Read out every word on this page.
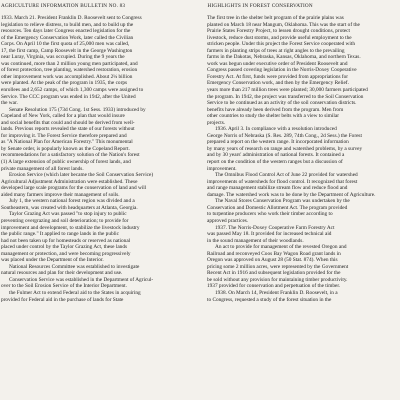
AGRICULTURE INFORMATION BULLETIN NO. 83	HIGHLIGHTS IN FOREST CONSERVATION

1933. March 21. President Franklin D. Roosevelt sent to Congress

legislation to relieve distress, to build men, and to build up the

resources. Ten days later Congress enacted legislation for the

of the Emergency Conservation Work, later called the Civilian

Corps. On April 10 the first quota of 25,000 men was called,

17, the first camp, Camp Roosevelt in the George Washington

near Luray, Virginia, was occupied. During the 9 years the

was continued, more than 2 million young men participated, and

of forest protection, tree planting, watershed restoration, erosion

other improvement work was accomplished. About 2¼ billion

were planted. At the peak of the program in 1935, the corps

enrollees and 2,652 camps, of which 1,300 camps were assigned to

Service. The CCC program was ended in 1942, after the United

the war.

Senate Resolution 175 (73d Cong. 1st Sess. 1933) introduced by

Copeland of New York, called for a plan that would insure

and social benefits that could and should be derived from well-

lands. Previous reports revealed the state of our forests without

for improving it. The Forest Service therefore prepared and

as "A National Plan for American Forestry." This monumental

by Senate order, is popularly known as the Copeland Report.

recommendations for a satisfactory solution of the Nation's forest

(1) A large extension of public ownership of forest lands, and

private management of all forest lands.

Erosion Service (which later became the Soil Conservation Service)

Agricultural Adjustment Administration were established. These

developed large scale programs for the conservation of land and will

aided many farmers improve their management of soils.

July 1, the western national forest region was divided and a

Southeastern, was created with headquarters at Atlanta, Georgia.

Taylor Grazing Act was passed "to stop injury to public

preventing overgrazing and soil deterioration; to provide for

improvement and development, to stabilize the livestock industry

the public range." It applied to range lands in the public

had not been taken up for homesteads or reserved as national

placed under control by the Taylor Grazing Act, these lands

management or protection, and were becoming progressively

was placed under the Department of the Interior.

National Resources Committee was established to investigate

natural resources and plan for their development and use.

Conservation Service was established in the Department of Agricul-

over to the Soil Erosion Service of the Interior Department.

the Fulmer Act to extend Federal aid to the States in acquiring

provided for Federal aid in the purchase of lands for State

The first tree in the shelter belt program of the prairie plains was

planted on March 18 near Mangum, Oklahoma. This was the start of the

Prairie States Forestry Project, to lessen drought conditions, protect

livestock, reduce dust storms, and provide useful employment to the

stricken people. Under this project the Forest Service cooperated with

farmers in planting strips of trees at right angles to the prevailing

farms in the Dakotas, Nebraska, Kansas, Oklahoma, and northern Texas.

work was begun under executive order of President Roosevelt and

Congress passed covering legislation in the Norris-Doxey Cooperative

Forestry Act. At first, funds were provided from appropriations for

Emergency Conservation work, and then by the Emergency Relief.

years more than 217 million trees were planted; 30,000 farmers participated

the program. In 1942, the project was transferred to the Soil Conservation

Service to be continued as an activity of the soil conservation districts.

benefits have already been derived from the program. Men from

other countries to study the shelter belts with a view to similar

projects.

1936. April 3. In compliance with a resolution introduced

George Norris of Nebraska (S. Res. 289, 74th Cong., 2d Sess.) the Forest

prepared a report on the western range. It incorporated information

by many years of research on range and watershed problems, by a survey

and by 30 years' administration of national forests. It contained a

report on the condition of the western ranges but a discussion of

improvement.

The Omnibus Flood Control Act of June 22 provided for watershed

improvements of watersheds for flood control. It recognized that forest

and range management stabilize stream flow and reduce flood and

damage. The watershed work was to be done by the Department of Agriculture.

The Naval Stores Conservation Program was undertaken by the

Conservation and Domestic Allotment Act. The program provided

to turpentine producers who work their timber according to

approved practices.

1937. The Norris-Doxey Cooperative Farm Forestry Act

was passed May 18. It provided for increased technical aid

in the sound management of their woodlands.

An act to provide for management of the revested Oregon and

Railroad and reconveyed Coos Bay Wagon Road grant lands in

Oregon was approved on August 28 (50 Stat. 874). When this

pricing some 2 million acres, were represented by the Government

Recent Act in 1916 and subsequent legislation provided for the

be sold without any provision for maintaining timber productivity.

1937 provided for conservation and perpetuation of the timber.

1938. On March 14, President Franklin D. Roosevelt, in a

to Congress, requested a study of the forest situation in the
